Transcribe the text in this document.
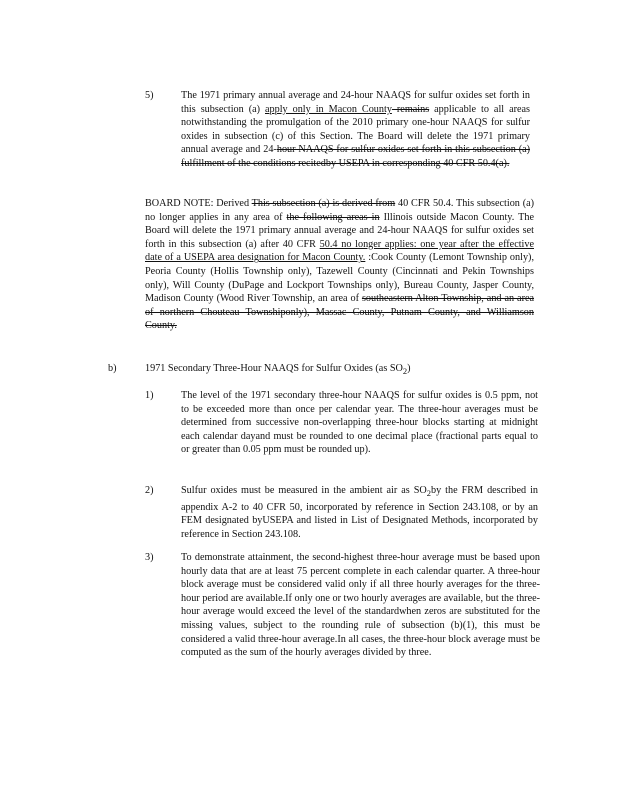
5)	The 1971 primary annual average and 24-hour NAAQS for sulfur oxides set forth in this subsection (a) apply only in Macon County remains applicable to all areas notwithstanding the promulgation of the 2010 primary one-hour NAAQS for sulfur oxides in subsection (c) of this Section. The Board will delete the 1971 primary annual average and 24-hour NAAQS for sulfur oxides set forth in this subsection (a) fulfillment of the conditions recitedby USEPA in corresponding 40 CFR 50.4(a).
BOARD NOTE: Derived This subsection (a) is derived from 40 CFR 50.4. This subsection (a) no longer applies in any area of the following areas in Illinois outside Macon County. The Board will delete the 1971 primary annual average and 24-hour NAAQS for sulfur oxides set forth in this subsection (a) after 40 CFR 50.4 no longer applies: one year after the effective date of a USEPA area designation for Macon County. :Cook County (Lemont Township only), Peoria County (Hollis Township only), Tazewell County (Cincinnati and Pekin Townships only), Will County (DuPage and Lockport Townships only), Bureau County, Jasper County, Madison County (Wood River Township, an area of southeastern Alton Township, and an area of northern Chouteau Townshiponly), Massac County, Putnam County, and Williamson County.
b)	1971 Secondary Three-Hour NAAQS for Sulfur Oxides (as $SO_2$)
1)	The level of the 1971 secondary three-hour NAAQS for sulfur oxides is 0.5 ppm, not to be exceeded more than once per calendar year. The three-hour averages must be determined from successive non-overlapping three-hour blocks starting at midnight each calendar dayand must be rounded to one decimal place (fractional parts equal to or greater than 0.05 ppm must be rounded up).
2)	Sulfur oxides must be measured in the ambient air as $SO_2by$ the FRM described in appendix A-2 to 40 CFR 50, incorporated by reference in Section 243.108, or by an FEM designated byUSEPA and listed in List of Designated Methods, incorporated by reference in Section 243.108.
3)	To demonstrate attainment, the second-highest three-hour average must be based upon hourly data that are at least 75 percent complete in each calendar quarter. A three-hour block average must be considered valid only if all three hourly averages for the three-hour period are available.If only one or two hourly averages are available, but the three-hour average would exceed the level of the standardwhen zeros are substituted for the missing values, subject to the rounding rule of subsection (b)(1), this must be considered a valid three-hour average.In all cases, the three-hour block average must be computed as the sum of the hourly averages divided by three.
